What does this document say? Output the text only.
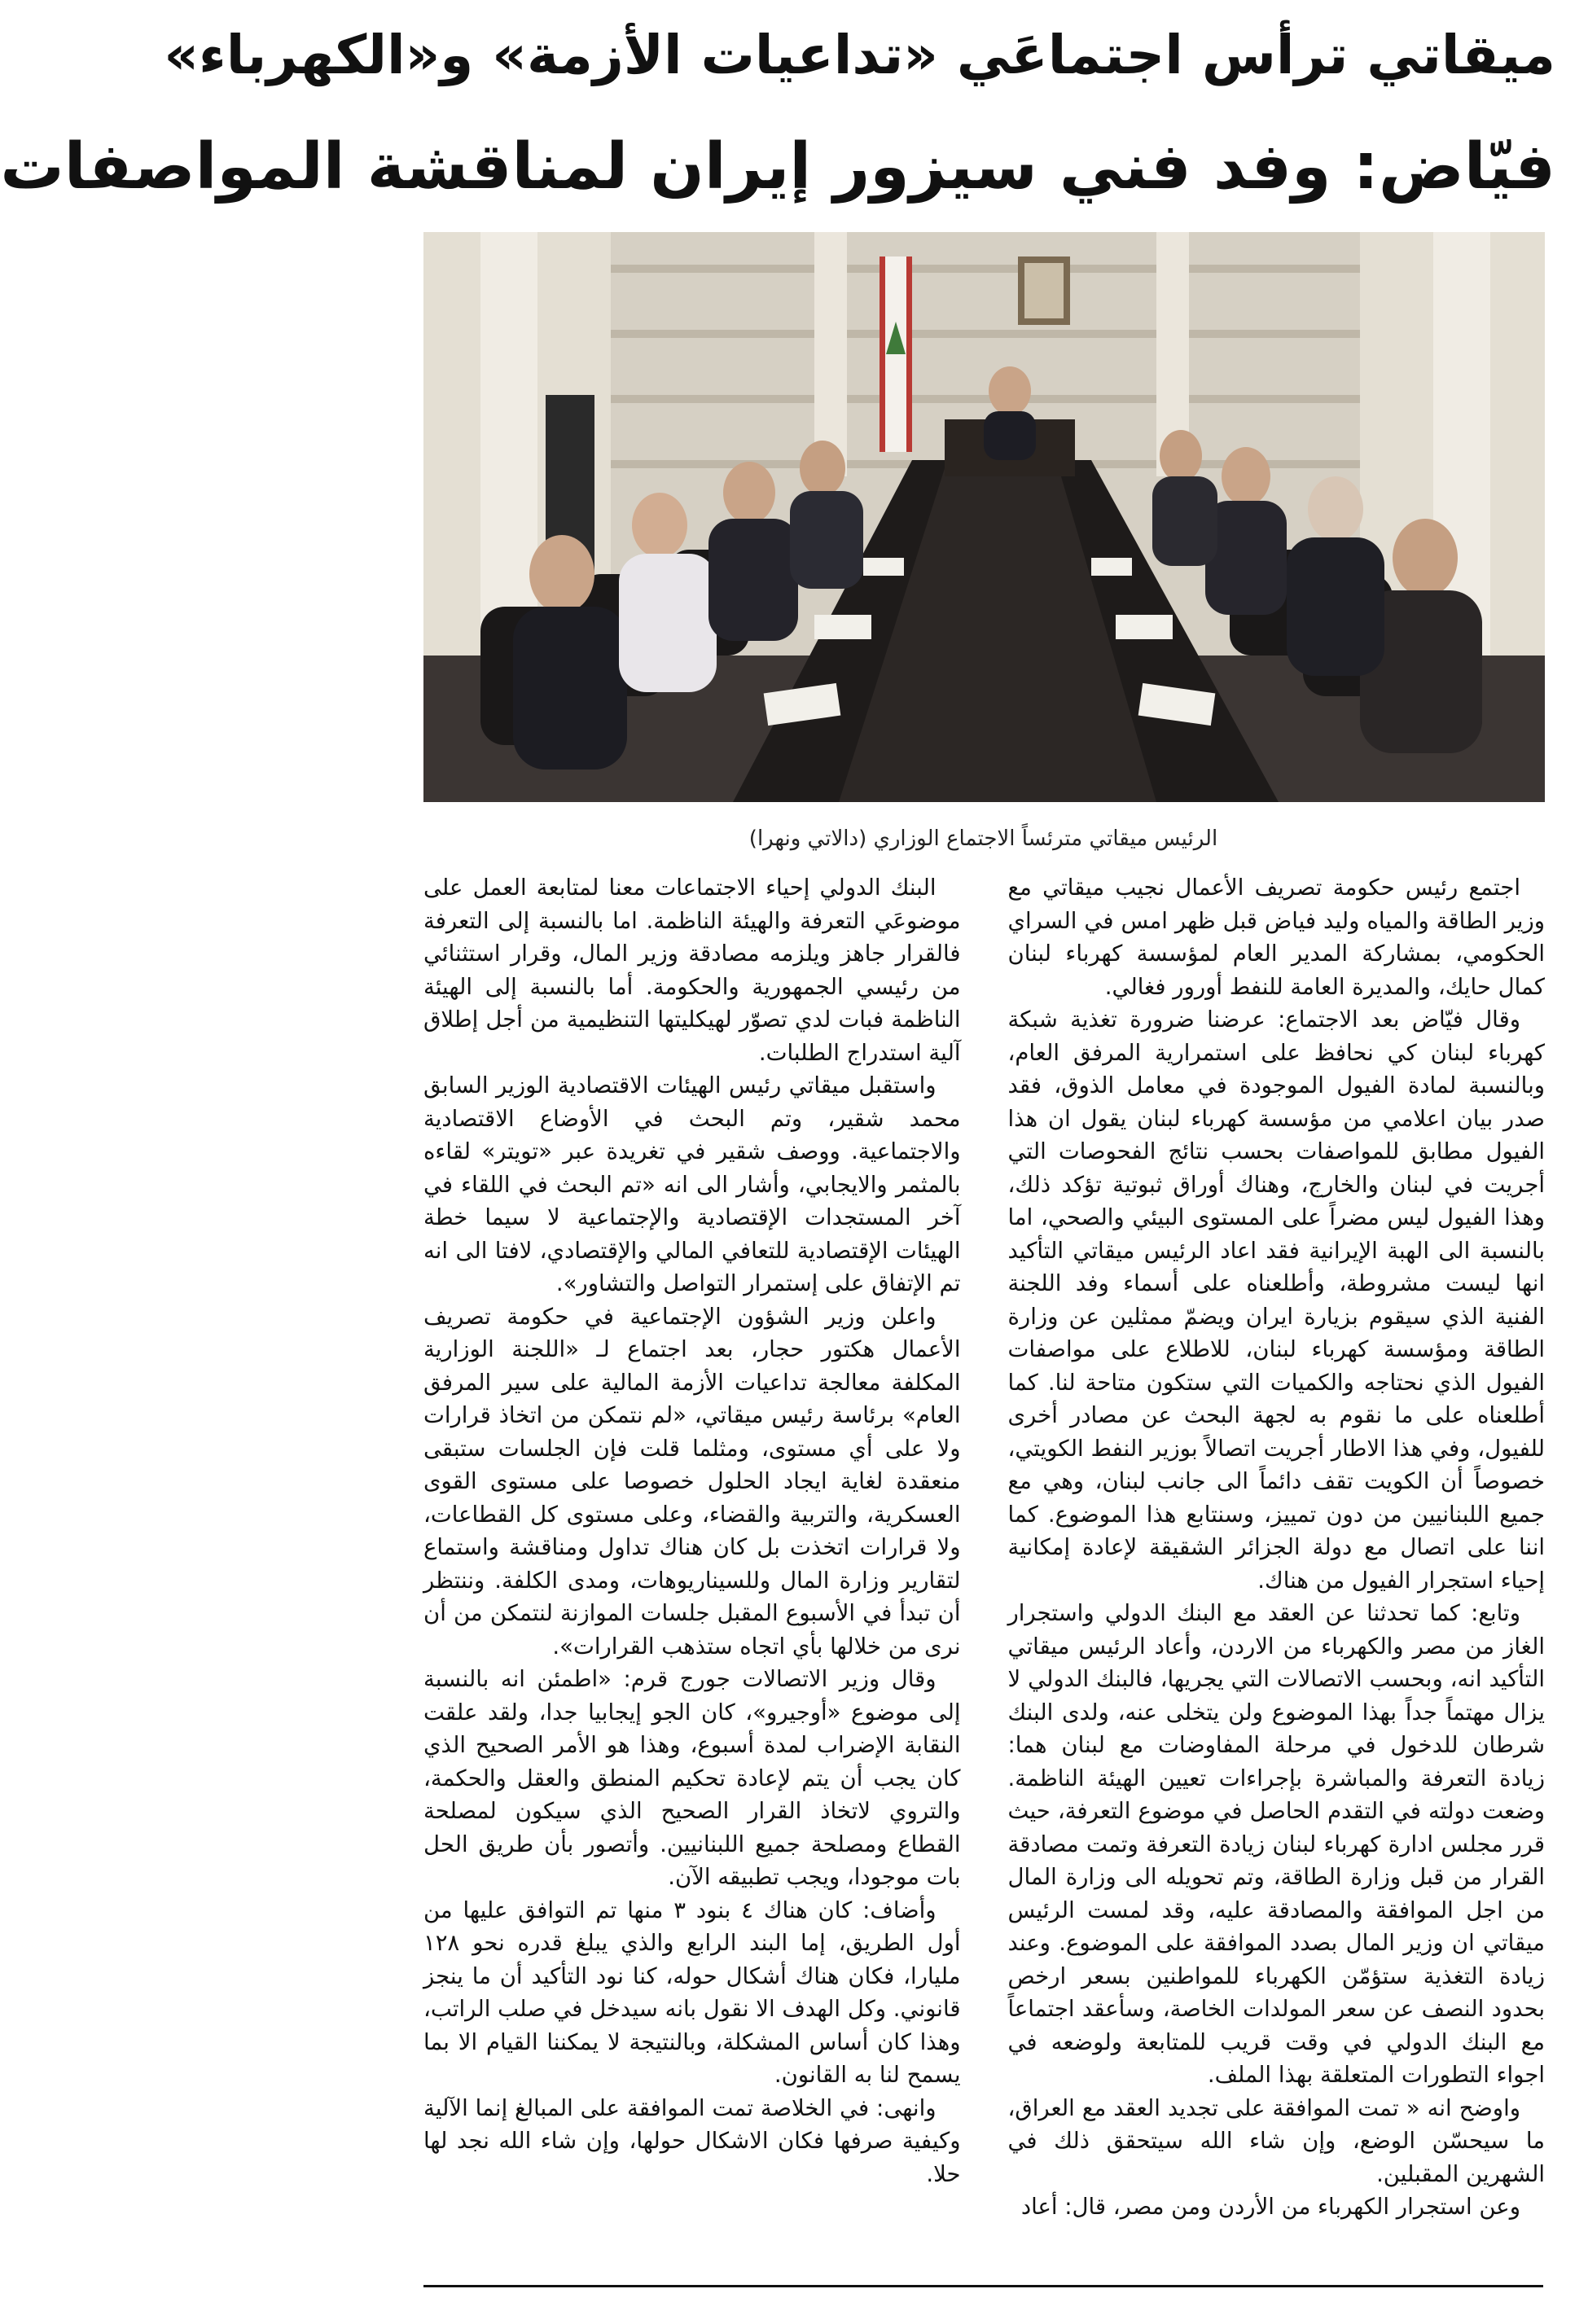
ميقاتي ترأس اجتماعَي «تداعيات الأزمة» و«الكهرباء»
فيّاض: وفد فني سيزور إيران لمناقشة المواصفات
الرئيس ميقاتي مترئساً الاجتماع الوزاري (دالاتي ونهرا)

اجتمع رئيس حكومة تصريف الأعمال نجيب ميقاتي مع وزير الطاقة والمياه وليد فياض قبل ظهر امس في السراي الحكومي، بمشاركة المدير العام لمؤسسة كهرباء لبنان كمال حايك، والمديرة العامة للنفط أورور فغالي.

وقال فيّاض بعد الاجتماع: عرضنا ضرورة تغذية شبكة كهرباء لبنان كي نحافظ على استمرارية المرفق العام، وبالنسبة لمادة الفيول الموجودة في معامل الذوق، فقد صدر بيان اعلامي من مؤسسة كهرباء لبنان يقول ان هذا الفيول مطابق للمواصفات بحسب نتائج الفحوصات التي أجريت في لبنان والخارج، وهناك أوراق ثبوتية تؤكد ذلك، وهذا الفيول ليس مضراً على المستوى البيئي والصحي، اما بالنسبة الى الهبة الإيرانية فقد اعاد الرئيس ميقاتي التأكيد انها ليست مشروطة، وأطلعناه على أسماء وفد اللجنة الفنية الذي سيقوم بزيارة ايران ويضمّ ممثلين عن وزارة الطاقة ومؤسسة كهرباء لبنان، للاطلاع على مواصفات الفيول الذي نحتاجه والكميات التي ستكون متاحة لنا. كما أطلعناه على ما نقوم به لجهة البحث عن مصادر أخرى للفيول، وفي هذا الاطار أجريت اتصالاً بوزير النفط الكويتي، خصوصاً أن الكويت تقف دائماً الى جانب لبنان، وهي مع جميع اللبنانيين من دون تمييز، وسنتابع هذا الموضوع. كما اننا على اتصال مع دولة الجزائر الشقيقة لإعادة إمكانية إحياء استجرار الفيول من هناك.

وتابع: كما تحدثنا عن العقد مع البنك الدولي واستجرار الغاز من مصر والكهرباء من الاردن، وأعاد الرئيس ميقاتي التأكيد انه، وبحسب الاتصالات التي يجريها، فالبنك الدولي لا يزال مهتماً جداً بهذا الموضوع ولن يتخلى عنه، ولدى البنك شرطان للدخول في مرحلة المفاوضات مع لبنان هما: زيادة التعرفة والمباشرة بإجراءات تعيين الهيئة الناظمة. وضعت دولته في التقدم الحاصل في موضوع التعرفة، حيث قرر مجلس ادارة كهرباء لبنان زيادة التعرفة وتمت مصادقة القرار من قبل وزارة الطاقة، وتم تحويله الى وزارة المال من اجل الموافقة والمصادقة عليه، وقد لمست الرئيس ميقاتي ان وزير المال بصدد الموافقة على الموضوع. وعند زيادة التغذية ستؤمّن الكهرباء للمواطنين بسعر ارخص بحدود النصف عن سعر المولدات الخاصة، وسأعقد اجتماعاً مع البنك الدولي في وقت قريب للمتابعة ولوضعه في اجواء التطورات المتعلقة بهذا الملف.

واوضح انه « تمت الموافقة على تجديد العقد مع العراق، ما سيحسّن الوضع، وإن شاء الله سيتحقق ذلك في الشهرين المقبلين.

وعن استجرار الكهرباء من الأردن ومن مصر، قال: أعاد

البنك الدولي إحياء الاجتماعات معنا لمتابعة العمل على موضوعَي التعرفة والهيئة الناظمة. اما بالنسبة إلى التعرفة فالقرار جاهز ويلزمه مصادقة وزير المال، وقرار استثنائي من رئيسي الجمهورية والحكومة. أما بالنسبة إلى الهيئة الناظمة فبات لدي تصوّر لهيكليتها التنظيمية من أجل إطلاق آلية استدراج الطلبات.

واستقبل ميقاتي رئيس الهيئات الاقتصادية الوزير السابق محمد شقير، وتم البحث في الأوضاع الاقتصادية والاجتماعية. ووصف شقير في تغريدة عبر «تويتر» لقاءه بالمثمر والايجابي، وأشار الى انه «تم البحث في اللقاء في آخر المستجدات الإقتصادية والإجتماعية لا سيما خطة الهيئات الإقتصادية للتعافي المالي والإقتصادي، لافتا الى انه تم الإتفاق على إستمرار التواصل والتشاور».

واعلن وزير الشؤون الإجتماعية في حكومة تصريف الأعمال هكتور حجار، بعد اجتماع لـ «اللجنة الوزارية المكلفة معالجة تداعيات الأزمة المالية على سير المرفق العام» برئاسة رئيس ميقاتي، «لم نتمكن من اتخاذ قرارات ولا على أي مستوى، ومثلما قلت فإن الجلسات ستبقى منعقدة لغاية ايجاد الحلول خصوصا على مستوى القوى العسكرية، والتربية والقضاء، وعلى مستوى كل القطاعات، ولا قرارات اتخذت بل كان هناك تداول ومناقشة واستماع لتقارير وزارة المال وللسيناريوهات، ومدى الكلفة. وننتظر أن تبدأ في الأسبوع المقبل جلسات الموازنة لنتمكن من أن نرى من خلالها بأي اتجاه ستذهب القرارات».

وقال وزير الاتصالات جورج قرم: «اطمئن انه بالنسبة إلى موضوع «أوجيرو»، كان الجو إيجابيا جدا، ولقد علقت النقابة الإضراب لمدة أسبوع، وهذا هو الأمر الصحيح الذي كان يجب أن يتم لإعادة تحكيم المنطق والعقل والحكمة، والتروي لاتخاذ القرار الصحيح الذي سيكون لمصلحة القطاع ومصلحة جميع اللبنانيين. وأتصور بأن طريق الحل بات موجودا، ويجب تطبيقه الآن.

وأضاف: كان هناك ٤ بنود ٣ منها تم التوافق عليها من أول الطريق، إما البند الرابع والذي يبلغ قدره نحو ١٢٨ مليارا، فكان هناك أشكال حوله، كنا نود التأكيد أن ما ينجز قانوني. وكل الهدف الا نقول بانه سيدخل في صلب الراتب، وهذا كان أساس المشكلة، وبالنتيجة لا يمكننا القيام الا بما يسمح لنا به القانون.

وانهى: في الخلاصة تمت الموافقة على المبالغ إنما الآلية وكيفية صرفها فكان الاشكال حولها، وإن شاء الله نجد لها حلا.
